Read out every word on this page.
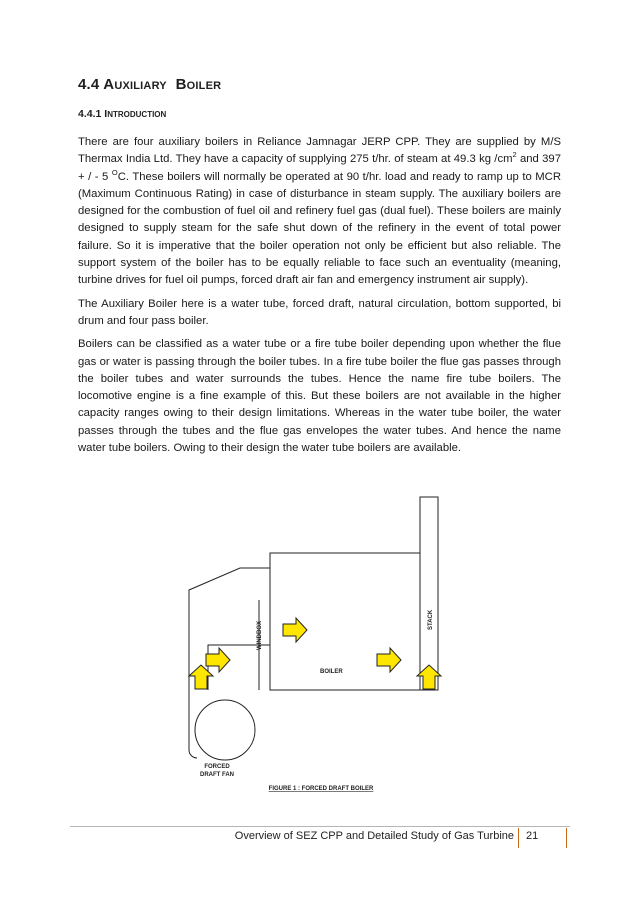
4.4 AUXILIARY BOILER
4.4.1 INTRODUCTION

There are four auxiliary boilers in Reliance Jamnagar JERP CPP. They are supplied by M/S Thermax India Ltd. They have a capacity of supplying 275 t/hr. of steam at 49.3 kg $/cm^2$ and 397 + / - 5 $^O$C. These boilers will normally be operated at 90 t/hr. load and ready to ramp up to MCR (Maximum Continuous Rating) in case of disturbance in steam supply. The auxiliary boilers are designed for the combustion of fuel oil and refinery fuel gas (dual fuel). These boilers are mainly designed to supply steam for the safe shut down of the refinery in the event of total power failure. So it is imperative that the boiler operation not only be efficient but also reliable. The support system of the boiler has to be equally reliable to face such an eventuality (meaning, turbine drives for fuel oil pumps, forced draft air fan and emergency instrument air supply).

The Auxiliary Boiler here is a water tube, forced draft, natural circulation, bottom supported, bi drum and four pass boiler.

Boilers can be classified as a water tube or a fire tube boiler depending upon whether the flue gas or water is passing through the boiler tubes. In a fire tube boiler the flue gas passes through the boiler tubes and water surrounds the tubes. Hence the name fire tube boilers. The locomotive engine is a fine example of this. But these boilers are not available in the higher capacity ranges owing to their design limitations. Whereas in the water tube boiler, the water passes through the tubes and the flue gas envelopes the water tubes. And hence the name water tube boilers. Owing to their design the water tube boilers are available.

WINDBOX
BOILER
STACK
FORCED
DRAFT FAN
FIGURE 1 : FORCED DRAFT BOILER
Overview of SEZ CPP and Detailed Study of Gas Turbine 21
